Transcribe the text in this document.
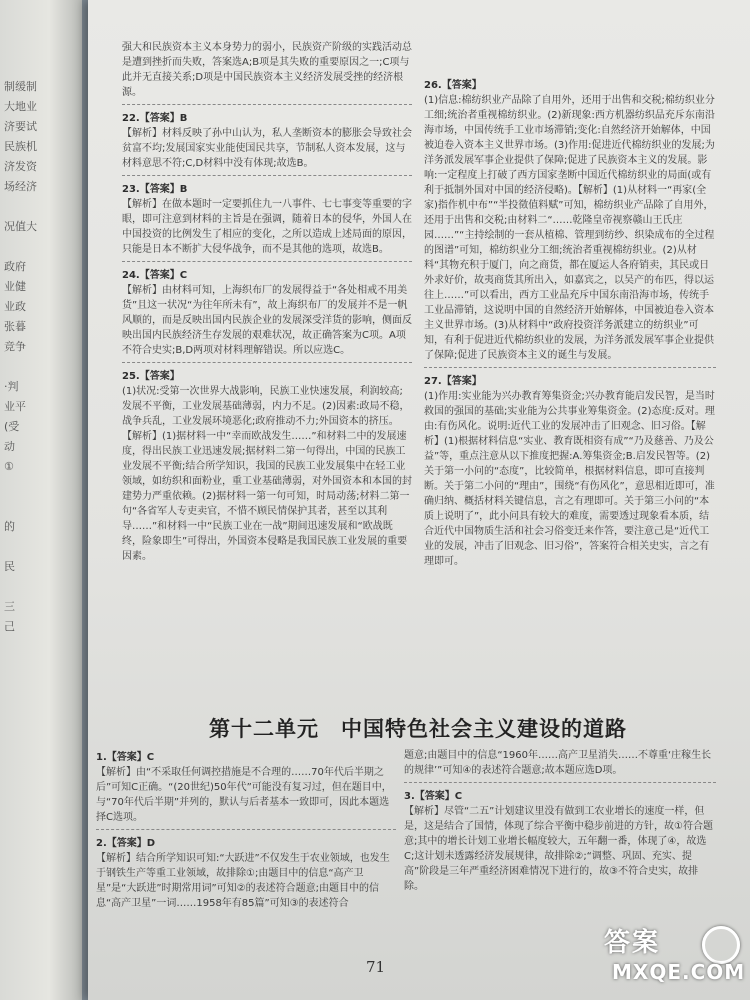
制缓制
大地业
济要试
民族机
济发资
场经济
况值大
政府
业健
业政
张暮
竞争
·判
业平
(受
动
①
的
民
三
己

强大和民族资本主义本身势力的弱小，民族资产阶级的实践活动总是遭到挫折而失败，答案选A;B项是其失败的重要原因之一;C项与此并无直接关系;D项是中国民族资本主义经济发展受挫的经济根源。

22.【答案】B

【解析】材料反映了孙中山认为，私人垄断资本的膨胀会导致社会贫富不均;发展国家实业能使国民共享，节制私人资本发展，这与材料意思不符;C,D材料中没有体现;故选B。

23.【答案】B

【解析】在做本题时一定要抓住九一八事件、七七事变等重要的字眼，即可注意到材料的主旨是在强调，随着日本的侵华，外国人在中国投资的比例发生了相应的变化，之所以造成上述局面的原因，只能是日本不断扩大侵华战争，而不是其他的选项，故选B。

24.【答案】C

【解析】由材料可知，上海织布厂的发展得益于“各处相戒不用美货”且这一状况“为往年所未有”，故上海织布厂的发展并不是一帆风顺的，而是反映出国内民族企业的发展深受洋货的影响，侧面反映出国内民族经济生存发展的艰难状况，故正确答案为C项。A项不符合史实;B,D两项对材料理解错误。所以应选C。

25.【答案】

(1)状况:受第一次世界大战影响，民族工业快速发展，利润较高;发展不平衡，工业发展基础薄弱，内力不足。(2)因素:政局不稳，战争兵乱，工业发展环境恶化;政府推动不力;外国资本的挤压。【解析】(1)据材料一中“幸而欧战发生……”和材料二中的发展速度，得出民族工业迅速发展;据材料二第一句得出，中国的民族工业发展不平衡;结合所学知识，我国的民族工业发展集中在轻工业领域，如纺织和面粉业，重工业基础薄弱，对外国资本和本国的封建势力严重依赖。(2)据材料一第一句可知，时局动荡;材料二第一句“各省军人专吏卖官，不惜不顾民情保护其者，甚至以其利导……”和材料一中“民族工业在一战”期间迅速发展和“欧战既终，险象即生”可得出，外国资本侵略是我国民族工业发展的重要因素。

26.【答案】

(1)信息:棉纺织业产品除了自用外，还用于出售和交税;棉纺织业分工细;统治者重视棉纺织业。(2)新现象:西方机器纺织品充斥东南沿海市场，中国传统手工业市场滞销;变化:自然经济开始解体，中国被迫卷入资本主义世界市场。(3)作用:促进近代棉纺织业的发展;为洋务派发展军事企业提供了保障;促进了民族资本主义的发展。影响:一定程度上打破了西方国家垄断中国近代棉纺织业的局面(或有利于抵制外国对中国的经济侵略)。【解析】(1)从材料一“再家(全家)指作机中布”“半投徵值料赋”可知，棉纺织业产品除了自用外，还用于出售和交税;由材料二“……乾隆皇帝视察赣山王氏庄园……”“主持绘制的一套从植棉、管理到纺纱、织染成布的全过程的图谱”可知，棉纺织业分工细;统治者重视棉纺织业。(2)从材料“其物充积于厦门，向之商货，都在厦运人各府销卖，其民或日外求好价，故夷商货其所出入，如嘉宾之，以吴产的布匹，得以运往上……”可以看出，西方工业品充斥中国东南沿海市场，传统手工业品滞销，这说明中国的自然经济开始解体，中国被迫卷入资本主义世界市场。(3)从材料中“政府投资洋务派建立的纺织业”可知，有利于促进近代棉纺织业的发展，为洋务派发展军事企业提供了保障;促进了民族资本主义的诞生与发展。

27.【答案】

(1)作用:实业能为兴办教育筹集资金;兴办教育能启发民智，是当时救国的强国的基础;实业能为公共事业筹集资金。(2)态度:反对。理由:有伤风化。说明:近代工业的发展冲击了旧观念、旧习俗。【解析】(1)根据材料信息“实业、教育既相资有成”“乃及慈善、乃及公益”等，重点注意从以下推度把握:A.筹集资金;B.启发民智等。(2)关于第一小问的“态度”，比较简单，根据材料信息，即可直接判断。关于第二小问的“理由”，围绕“有伤风化”，意思相近即可，准确归纳、概括材料关键信息，言之有理即可。关于第三小问的“本质上说明了”，此小问具有较大的难度，需要透过现象看本质，结合近代中国物质生活和社会习俗变迁来作答，要注意己是“近代工业的发展，冲击了旧观念、旧习俗”，答案符合相关史实，言之有理即可。

第十二单元　中国特色社会主义建设的道路

1.【答案】C

【解析】由“不采取任何调控措施是不合理的……70年代后半期之后”可知C正确。“(20世纪)50年代”可能没有复习过，但在题目中，与“70年代后半期”并列的，默认与后者基本一致即可，因此本题选择C选项。

2.【答案】D

【解析】结合所学知识可知:“大跃进”不仅发生于农业领域，也发生于钢铁生产等重工业领域，故排除①;由题目中的信息“高产卫星”是“大跃进”时期常用词”可知②的表述符合题意;由题目中的信息“高产卫星”一词……1958年有85篇”可知③的表述符合

题意;由题目中的信息“1960年……高产卫星消失……不尊重‘庄稼生长的规律’”可知④的表述符合题意;故本题应选D项。

3.【答案】C

【解析】尽管“二五”计划建议里没有做到工农业增长的速度一样，但是，这是结合了国情，体现了综合平衡中稳步前进的方针，故①符合题意;其中的增长计划工业增长幅度较大，五年翻一番，体现了④，故选C;这计划未透露经济发展规律，故排除②;“调整、巩固、充实、提高”阶段是三年严重经济困难情况下进行的，故③不符合史实，故排除。

71
答案
MXQE.COM
